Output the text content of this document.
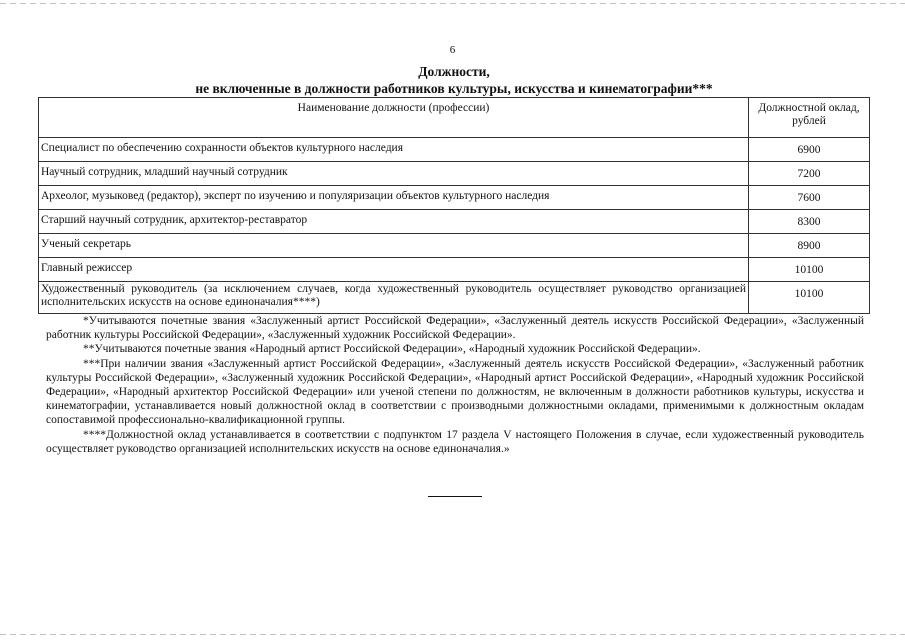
6
Должности,
не включенные в должности работников культуры, искусства и кинематографии***
Наименование должности (профессии)	Должностной оклад, рублей
Специалист по обеспечению сохранности объектов культурного наследия	6900
Научный сотрудник, младший научный сотрудник	7200
Археолог, музыковед (редактор), эксперт по изучению и популяризации объектов культурного наследия	7600
Старший научный сотрудник, архитектор-реставратор	8300
Ученый секретарь	8900
Главный режиссер	10100
Художественный руководитель (за исключением случаев, когда художественный руководитель осуществляет руководство организацией исполнительских искусств на основе единоначалия****)	10100

*Учитываются почетные звания «Заслуженный артист Российской Федерации», «Заслуженный деятель искусств Российской Федерации», «Заслуженный работник культуры Российской Федерации», «Заслуженный художник Российской Федерации».

**Учитываются почетные звания «Народный артист Российской Федерации», «Народный художник Российской Федерации».

***При наличии звания «Заслуженный артист Российской Федерации», «Заслуженный деятель искусств Российской Федерации», «Заслуженный работник культуры Российской Федерации», «Заслуженный художник Российской Федерации», «Народный артист Российской Федерации», «Народный художник Российской Федерации», «Народный архитектор Российской Федерации» или ученой степени по должностям, не включенным в должности работников культуры, искусства и кинематографии, устанавливается новый должностной оклад в соответствии с производными должностными окладами, применимыми к должностным окладам сопоставимой профессионально-квалификационной группы.

****Должностной оклад устанавливается в соответствии с подпунктом 17 раздела V настоящего Положения в случае, если художественный руководитель осуществляет руководство организацией исполнительских искусств на основе единоначалия.»
